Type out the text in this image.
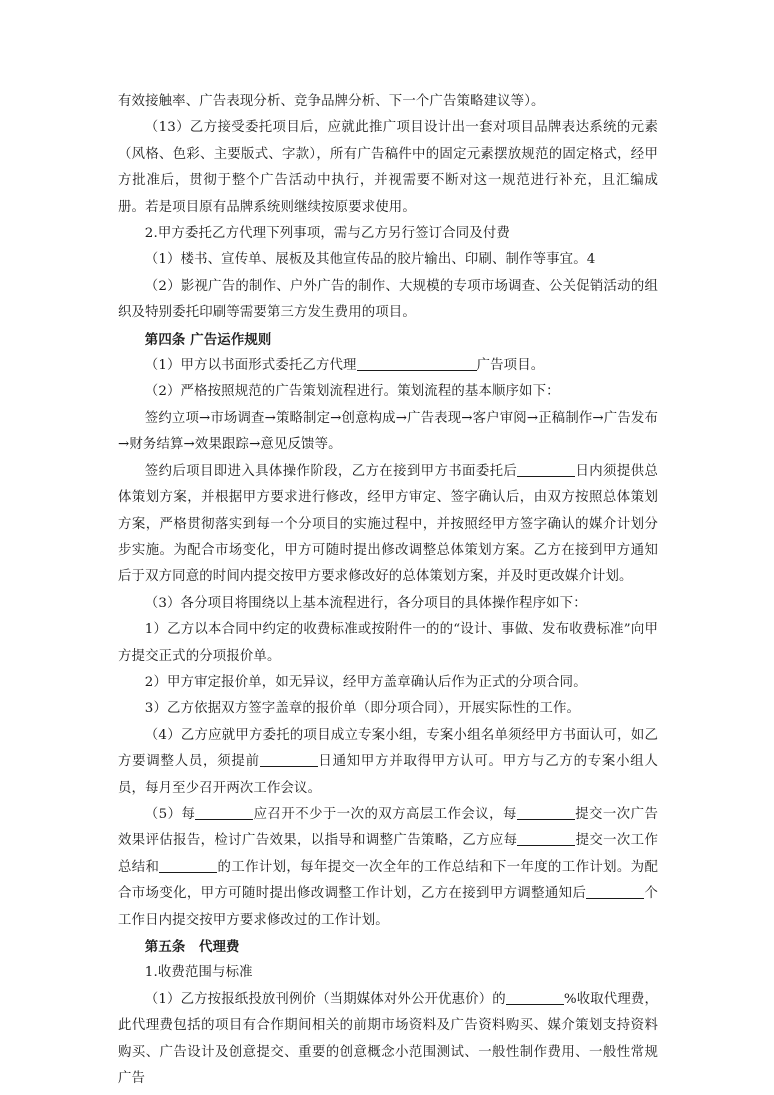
有效接触率、广告表现分析、竞争品牌分析、下一个广告策略建议等）。

（13）乙方接受委托项目后，应就此推广项目设计出一套对项目品牌表达系统的元素（风格、色彩、主要版式、字款），所有广告稿件中的固定元素摆放规范的固定格式，经甲方批准后，贯彻于整个广告活动中执行，并视需要不断对这一规范进行补充，且汇编成册。若是项目原有品牌系统则继续按原要求使用。

2.甲方委托乙方代理下列事项，需与乙方另行签订合同及付费

（1）楼书、宣传单、展板及其他宣传品的胶片输出、印刷、制作等事宜。4

（2）影视广告的制作、户外广告的制作、大规模的专项市场调查、公关促销活动的组织及特别委托印刷等需要第三方发生费用的项目。

第四条 广告运作规则

（1）甲方以书面形式委托乙方代理	广告项目。

（2）严格按照规范的广告策划流程进行。策划流程的基本顺序如下：

签约立项→市场调查→策略制定→创意构成→广告表现→客户审阅→正稿制作→广告发布→财务结算→效果跟踪→意见反馈等。

签约后项目即进入具体操作阶段，乙方在接到甲方书面委托后	日内须提供总体策划方案，并根据甲方要求进行修改，经甲方审定、签字确认后，由双方按照总体策划方案，严格贯彻落实到每一个分项目的实施过程中，并按照经甲方签字确认的媒介计划分步实施。为配合市场变化，甲方可随时提出修改调整总体策划方案。乙方在接到甲方通知后于双方同意的时间内提交按甲方要求修改好的总体策划方案，并及时更改媒介计划。

（3）各分项目将围绕以上基本流程进行，各分项目的具体操作程序如下：

1）乙方以本合同中约定的收费标准或按附件一的的“设计、事做、发布收费标准”向甲方提交正式的分项报价单。

2）甲方审定报价单，如无异议，经甲方盖章确认后作为正式的分项合同。

3）乙方依据双方签字盖章的报价单（即分项合同），开展实际性的工作。

（4）乙方应就甲方委托的项目成立专案小组，专案小组名单须经甲方书面认可，如乙方要调整人员，须提前	日通知甲方并取得甲方认可。甲方与乙方的专案小组人员，每月至少召开两次工作会议。

（5）每	应召开不少于一次的双方高层工作会议，每	提交一次广告效果评估报告，检讨广告效果，以指导和调整广告策略，乙方应每	提交一次工作总结和	的工作计划，每年提交一次全年的工作总结和下一年度的工作计划。为配合市场变化，甲方可随时提出修改调整工作计划，乙方在接到甲方调整通知后	个工作日内提交按甲方要求修改过的工作计划。

第五条　代理费

1.收费范围与标准

（1）乙方按报纸投放刊例价（当期媒体对外公开优惠价）的	%收取代理费，此代理费包括的项目有合作期间相关的前期市场资料及广告资料购买、媒介策划支持资料购买、广告设计及创意提交、重要的创意概念小范围测试、一般性制作费用、一般性常规广告
